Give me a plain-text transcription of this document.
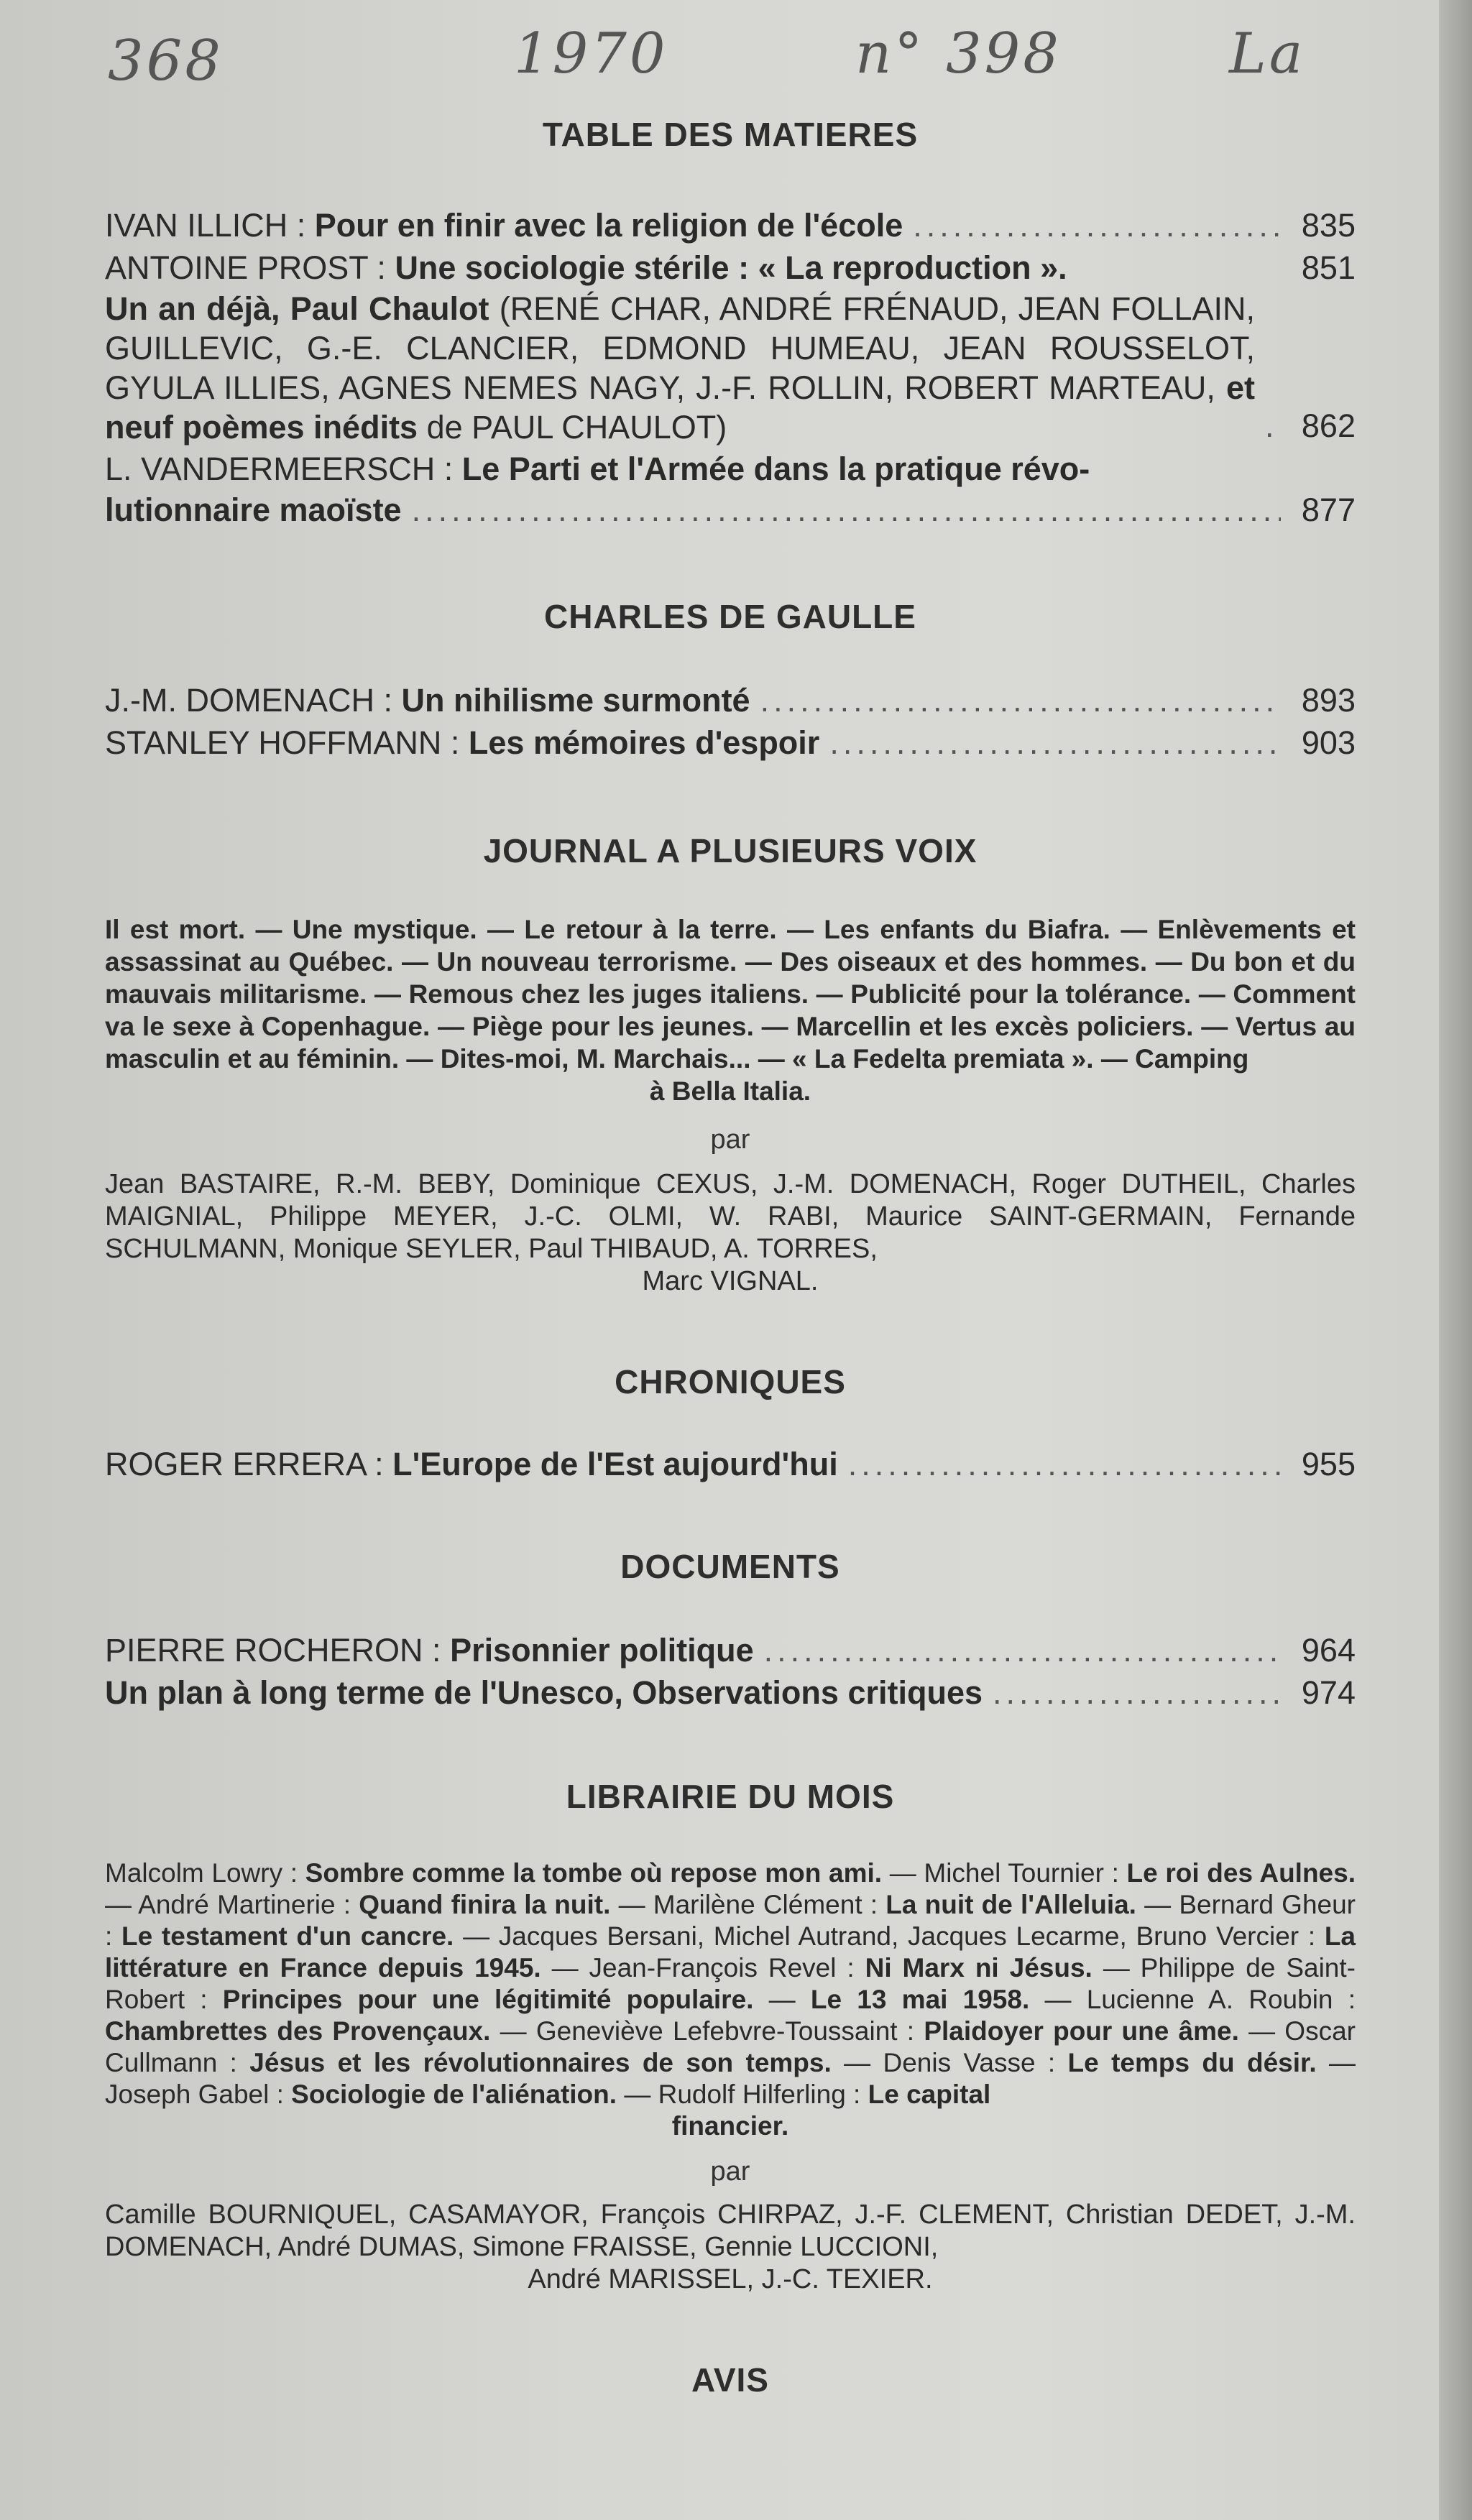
368	1970	n° 398	La
TABLE DES MATIERES
IVAN ILLICH : Pour en finir avec la religion de l'école .....	835
ANTOINE PROST : Une sociologie stérile : « La reproduction ».	851
Un an déjà, Paul Chaulot (RENÉ CHAR, ANDRÉ FRÉNAUD, JEAN FOLLAIN, GUILLEVIC, G.-E. CLANCIER, EDMOND HUMEAU, JEAN ROUSSELOT, GYULA ILLIES, AGNES NEMES NAGY, J.-F. ROLLIN, ROBERT MARTEAU, et neuf poèmes inédits de PAUL CHAULOT) .....	862
L. VANDERMEERSCH : Le Parti et l'Armée dans la pratique révo-
lutionnaire maoïste .....	877
CHARLES DE GAULLE
J.-M. DOMENACH : Un nihilisme surmonté .....	893
STANLEY HOFFMANN : Les mémoires d'espoir .....	903
JOURNAL A PLUSIEURS VOIX
Il est mort. — Une mystique. — Le retour à la terre. — Les enfants du Biafra. — Enlèvements et assassinat au Québec. — Un nouveau terrorisme. — Des oiseaux et des hommes. — Du bon et du mauvais militarisme. — Remous chez les juges italiens. — Publicité pour la tolérance. — Comment va le sexe à Copenhague. — Piège pour les jeunes. — Marcellin et les excès policiers. — Vertus au masculin et au féminin. — Dites-moi, M. Marchais... — « La Fedelta premiata ». — Camping
à Bella Italia.
par
Jean BASTAIRE, R.-M. BEBY, Dominique CEXUS, J.-M. DOMENACH, Roger DUTHEIL, Charles MAIGNIAL, Philippe MEYER, J.-C. OLMI, W. RABI, Maurice SAINT-GERMAIN, Fernande SCHULMANN, Monique SEYLER, Paul THIBAUD, A. TORRES,
Marc VIGNAL.
CHRONIQUES
ROGER ERRERA : L'Europe de l'Est aujourd'hui .....	955
DOCUMENTS
PIERRE ROCHERON : Prisonnier politique .....	964
Un plan à long terme de l'Unesco, Observations critiques .....	974
LIBRAIRIE DU MOIS
Malcolm Lowry : Sombre comme la tombe où repose mon ami. — Michel Tournier : Le roi des Aulnes. — André Martinerie : Quand finira la nuit. — Marilène Clément : La nuit de l'Alleluia. — Bernard Gheur : Le testament d'un cancre. — Jacques Bersani, Michel Autrand, Jacques Lecarme, Bruno Vercier : La littérature en France depuis 1945. — Jean-François Revel : Ni Marx ni Jésus. — Philippe de Saint-Robert : Principes pour une légitimité populaire. — Le 13 mai 1958. — Lucienne A. Roubin : Chambrettes des Provençaux. — Geneviève Lefebvre-Toussaint : Plaidoyer pour une âme. — Oscar Cullmann : Jésus et les révolutionnaires de son temps. — Denis Vasse : Le temps du désir. — Joseph Gabel : Sociologie de l'aliénation. — Rudolf Hilferling : Le capital
financier.
par
Camille BOURNIQUEL, CASAMAYOR, François CHIRPAZ, J.-F. CLEMENT, Christian DEDET, J.-M. DOMENACH, André DUMAS, Simone FRAISSE, Gennie LUCCIONI,
André MARISSEL, J.-C. TEXIER.
AVIS
